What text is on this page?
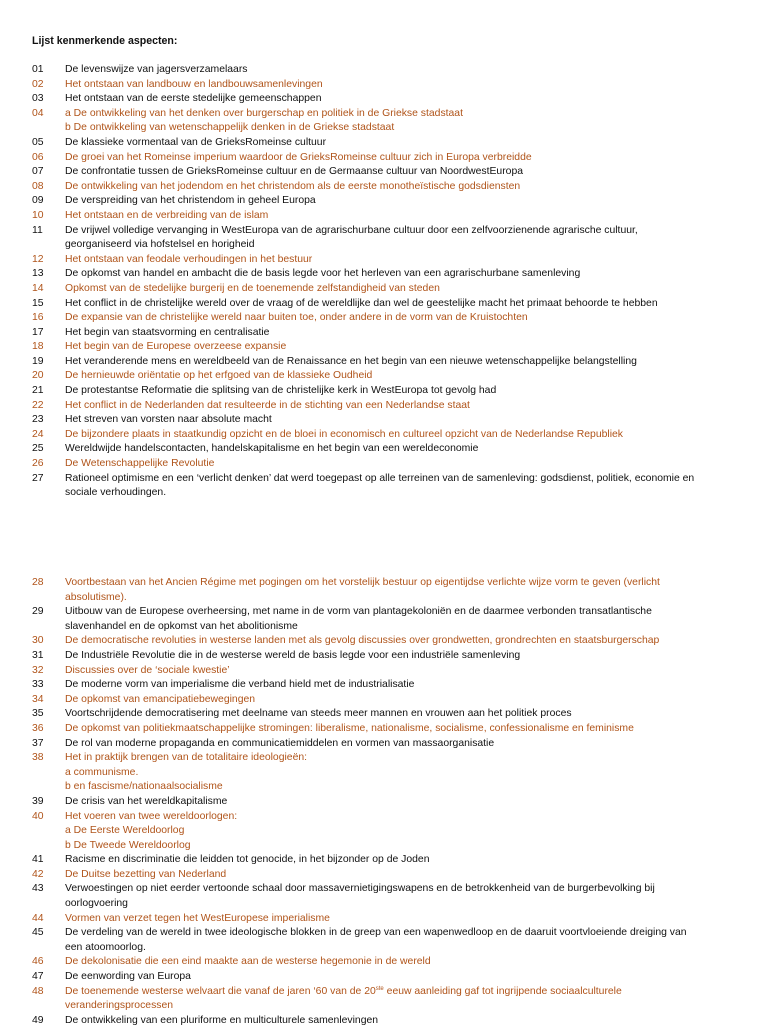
Lijst kenmerkende aspecten:
01	De levenswijze van jagersverzamelaars
02	Het ontstaan van landbouw en landbouwsamenlevingen
03	Het ontstaan van de eerste stedelijke gemeenschappen
04	a De ontwikkeling van het denken over burgerschap en politiek in de Griekse stadstaat
b De ontwikkeling van wetenschappelijk denken in de Griekse stadstaat
05	De klassieke vormentaal van de GrieksRomeinse cultuur
06	De groei van het Romeinse imperium waardoor de GrieksRomeinse cultuur zich in Europa verbreidde
07	De confrontatie tussen de GrieksRomeinse cultuur en de Germaanse cultuur van NoordwestEuropa
08	De ontwikkeling van het jodendom en het christendom als de eerste monotheïstische godsdiensten
09	De verspreiding van het christendom in geheel Europa
10	Het ontstaan en de verbreiding van de islam
11	De vrijwel volledige vervanging in WestEuropa van de agrarischurbane cultuur door een zelfvoorzienende agrarische cultuur,
georganiseerd via hofstelsel en horigheid
12	Het ontstaan van feodale verhoudingen in het bestuur
13	De opkomst van handel en ambacht die de basis legde voor het herleven van een agrarischurbane samenleving
14	Opkomst van de stedelijke burgerij en de toenemende zelfstandigheid van steden
15	Het conflict in de christelijke wereld over de vraag of de wereldlijke dan wel de geestelijke macht het primaat behoorde te hebben
16	De expansie van de christelijke wereld naar buiten toe, onder andere in de vorm van de Kruistochten
17	Het begin van staatsvorming en centralisatie
18	Het begin van de Europese overzeese expansie
19	Het veranderende mens en wereldbeeld van de Renaissance en het begin van een nieuwe wetenschappelijke belangstelling
20	De hernieuwde oriëntatie op het erfgoed van de klassieke Oudheid
21	De protestantse Reformatie die splitsing van de christelijke kerk in WestEuropa tot gevolg had
22	Het conflict in de Nederlanden dat resulteerde in de stichting van een Nederlandse staat
23	Het streven van vorsten naar absolute macht
24	De bijzondere plaats in staatkundig opzicht en de bloei in economisch en cultureel opzicht van de Nederlandse Republiek
25	Wereldwijde handelscontacten, handelskapitalisme en het begin van een wereldeconomie
26	De Wetenschappelijke Revolutie
27	Rationeel optimisme en een ‘verlicht denken’ dat werd toegepast op alle terreinen van de samenleving: godsdienst, politiek, economie en
sociale verhoudingen.
28	Voortbestaan van het Ancien Régime met pogingen om het vorstelijk bestuur op eigentijdse verlichte wijze vorm te geven (verlicht
absolutisme).
29	Uitbouw van de Europese overheersing, met name in de vorm van plantagekoloniën en de daarmee verbonden transatlantische
slavenhandel en de opkomst van het abolitionisme
30	De democratische revoluties in westerse landen met als gevolg discussies over grondwetten, grondrechten en staatsburgerschap
31	De Industriële Revolutie die in de westerse wereld de basis legde voor een industriële samenleving
32	Discussies over de ‘sociale kwestie’
33	De moderne vorm van imperialisme die verband hield met de industrialisatie
34	De opkomst van emancipatiebewegingen
35	Voortschrijdende democratisering met deelname van steeds meer mannen en vrouwen aan het politiek proces
36	De opkomst van politiekmaatschappelijke stromingen: liberalisme, nationalisme, socialisme, confessionalisme en feminisme
37	De rol van moderne propaganda en communicatiemiddelen en vormen van massaorganisatie
38	Het in praktijk brengen van de totalitaire ideologieën:
a communisme.
b en fascisme/nationaalsocialisme
39	De crisis van het wereldkapitalisme
40	Het voeren van twee wereldoorlogen:
a De Eerste Wereldoorlog
b De Tweede Wereldoorlog
41	Racisme en discriminatie die leidden tot genocide, in het bijzonder op de Joden
42	De Duitse bezetting van Nederland
43	Verwoestingen op niet eerder vertoonde schaal door massavernietigingswapens en de betrokkenheid van de burgerbevolking bij
oorlogvoering
44	Vormen van verzet tegen het WestEuropese imperialisme
45	De verdeling van de wereld in twee ideologische blokken in de greep van een wapenwedloop en de daaruit voortvloeiende dreiging van
een atoomoorlog.
46	De dekolonisatie die een eind maakte aan de westerse hegemonie in de wereld
47	De eenwording van Europa
48	De toenemende westerse welvaart die vanaf de jaren ‘60 van de 20ste eeuw aanleiding gaf tot ingrijpende sociaalculturele
veranderingsprocessen
49	De ontwikkeling van een pluriforme en multiculturele samenlevingen
